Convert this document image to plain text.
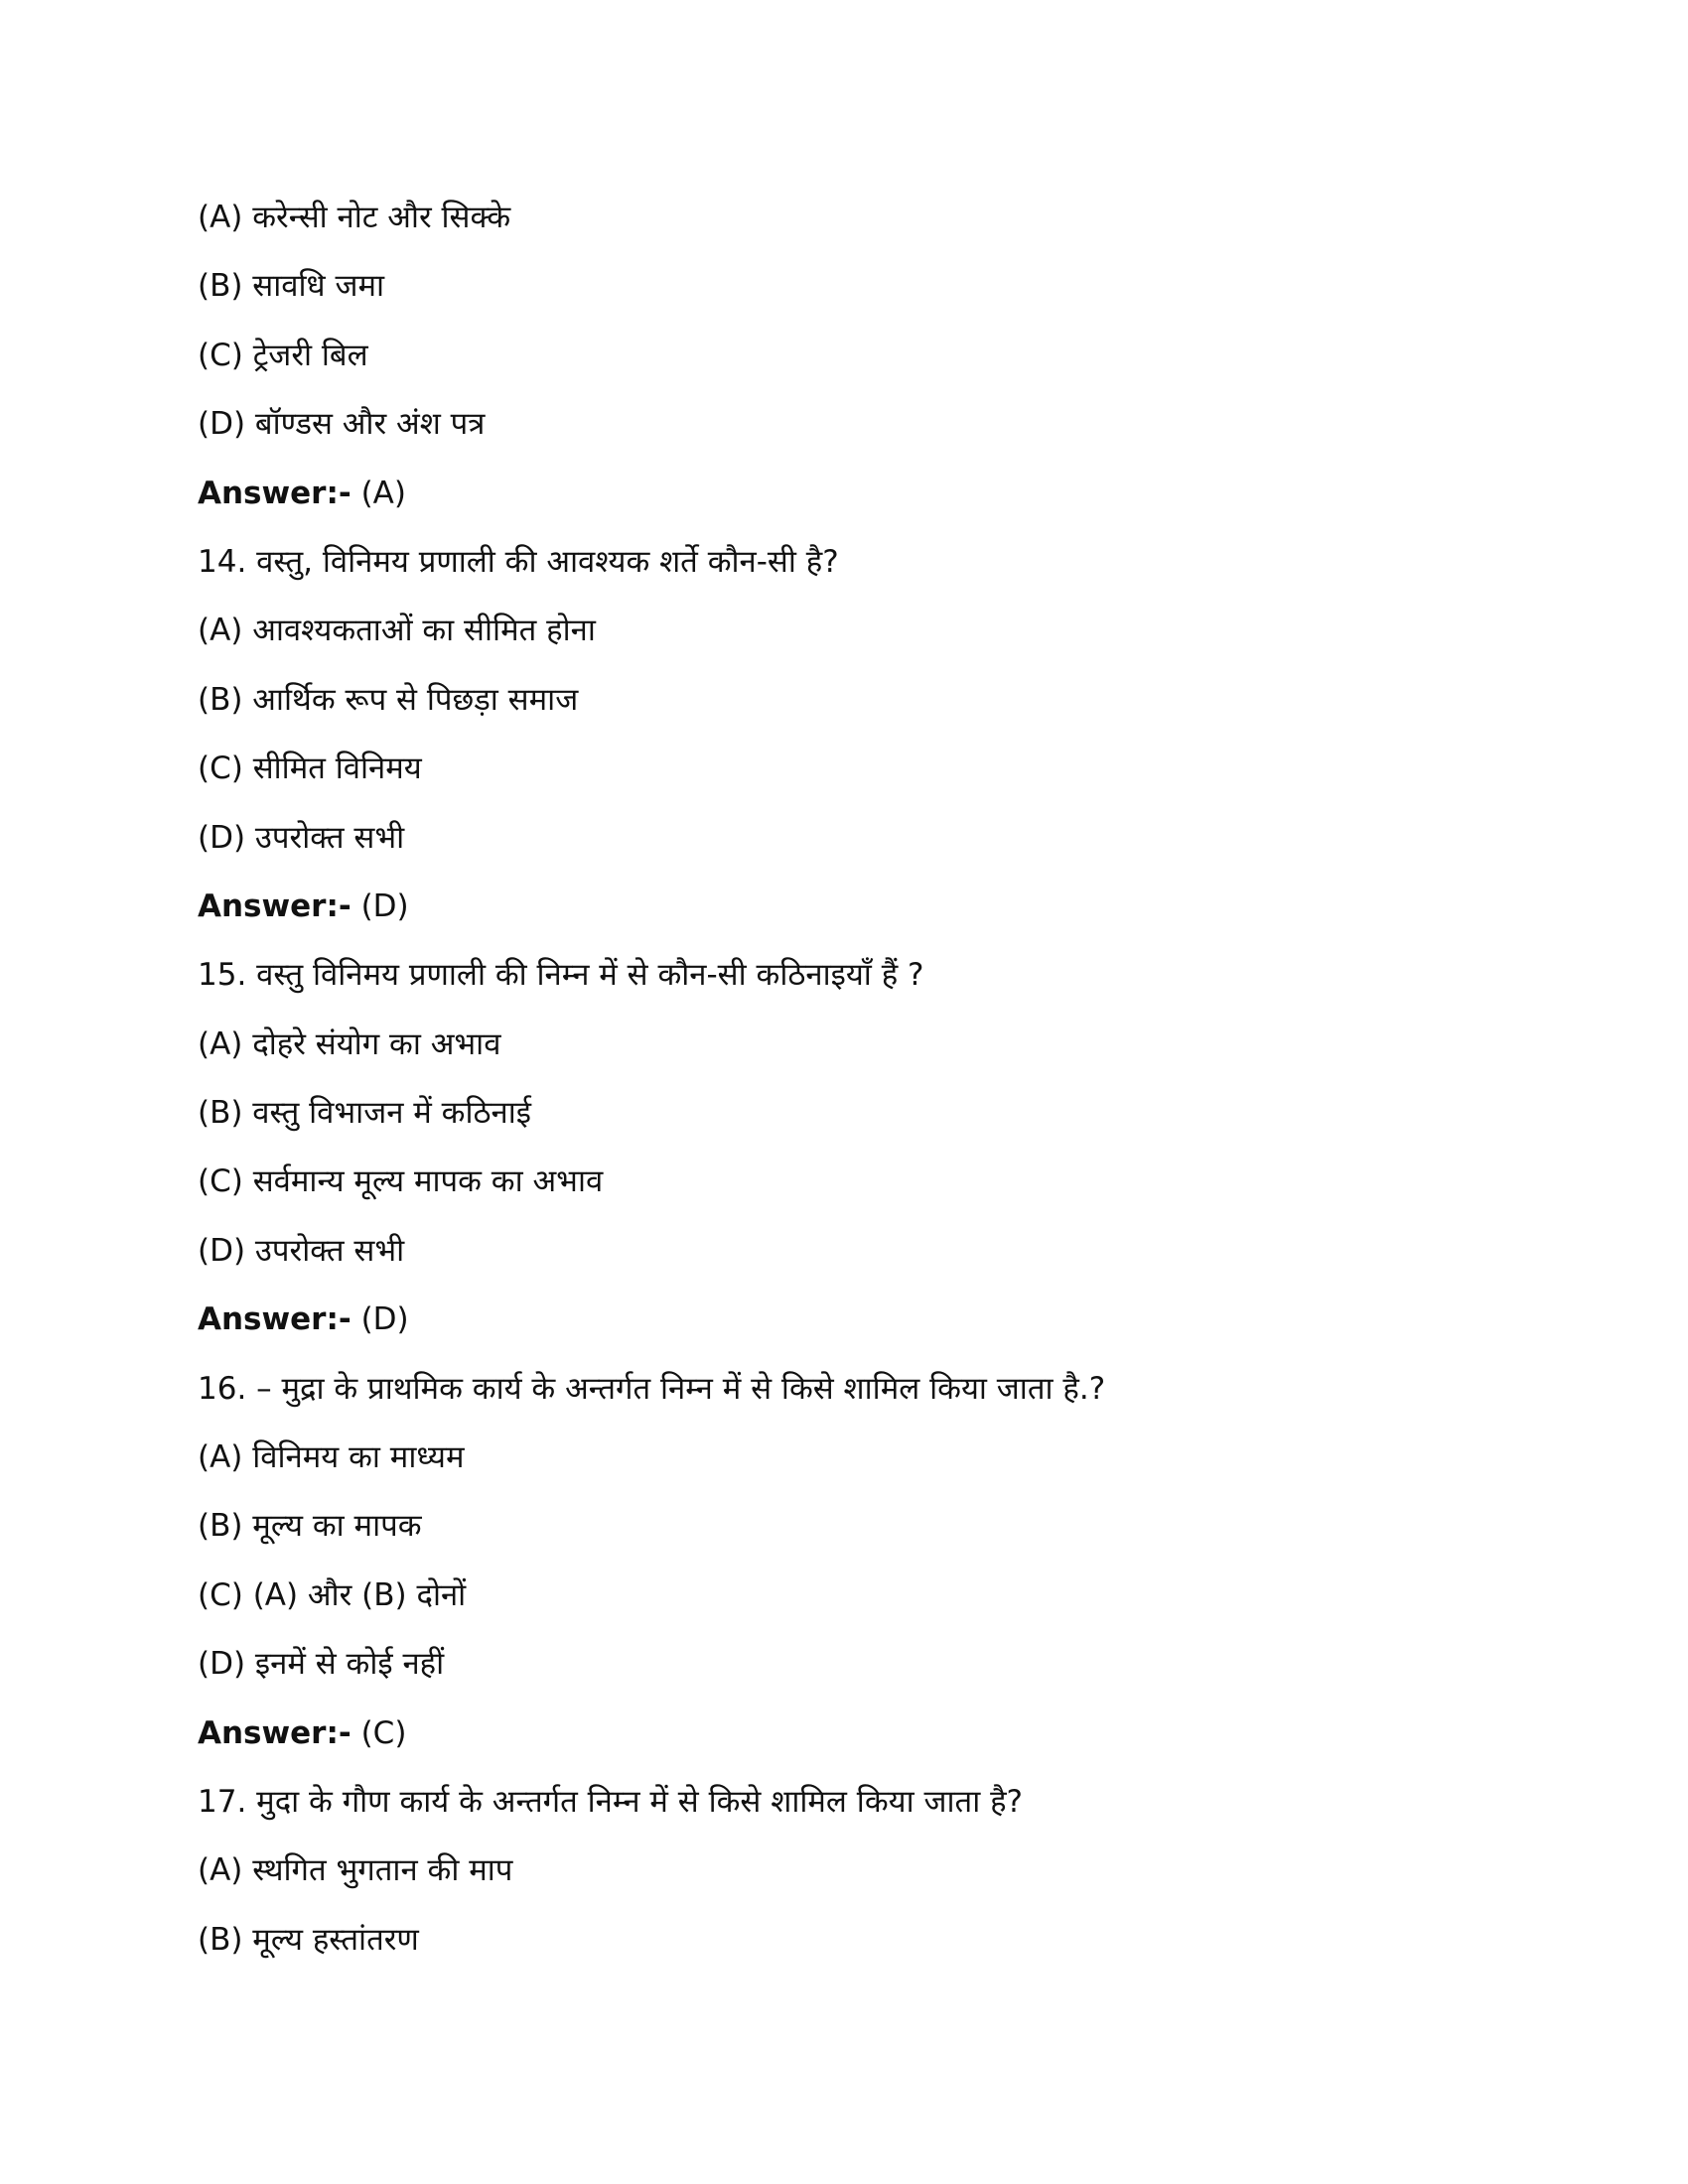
(A) करेन्सी नोट और सिक्के
(B) सावधि जमा
(C) ट्रेजरी बिल
(D) बॉण्डस और अंश पत्र
Answer:- (A)
14. वस्तु, विनिमय प्रणाली की आवश्यक शर्ते कौन-सी है?
(A) आवश्यकताओं का सीमित होना
(B) आर्थिक रूप से पिछड़ा समाज
(C) सीमित विनिमय
(D) उपरोक्त सभी
Answer:- (D)
15. वस्तु विनिमय प्रणाली की निम्न में से कौन-सी कठिनाइयाँ हैं ?
(A) दोहरे संयोग का अभाव
(B) वस्तु विभाजन में कठिनाई
(C) सर्वमान्य मूल्य मापक का अभाव
(D) उपरोक्त सभी
Answer:- (D)
16. – मुद्रा के प्राथमिक कार्य के अन्तर्गत निम्न में से किसे शामिल किया जाता है.?
(A) विनिमय का माध्यम
(B) मूल्य का मापक
(C) (A) और (B) दोनों
(D) इनमें से कोई नहीं
Answer:- (C)
17. मुदा के गौण कार्य के अन्तर्गत निम्न में से किसे शामिल किया जाता है?
(A) स्थगित भुगतान की माप
(B) मूल्य हस्तांतरण
